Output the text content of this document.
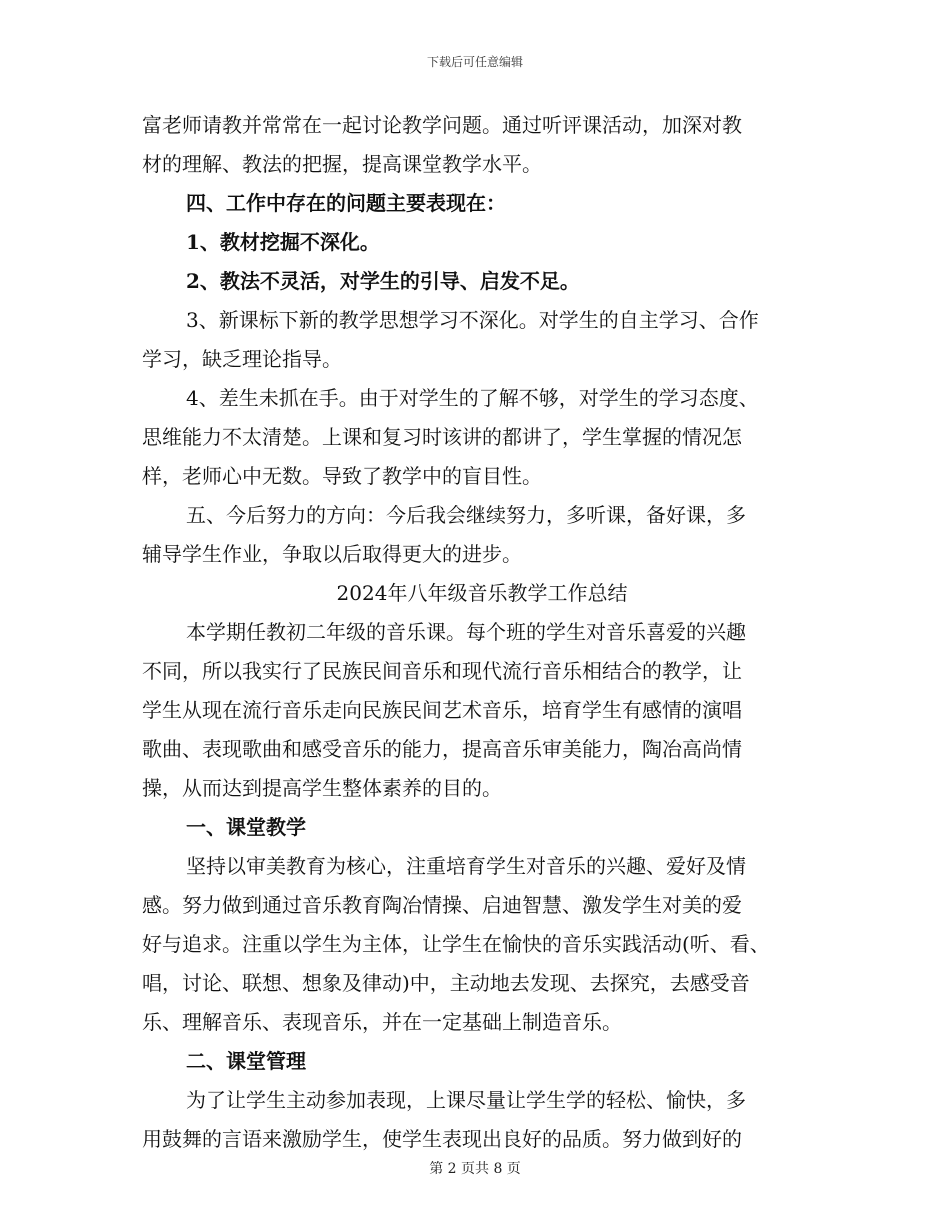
下载后可任意编辑
富老师请教并常常在一起讨论教学问题。通过听评课活动，加深对教
材的理解、教法的把握，提高课堂教学水平。
四、工作中存在的问题主要表现在：
1、教材挖掘不深化。
2、教法不灵活，对学生的引导、启发不足。
3、新课标下新的教学思想学习不深化。对学生的自主学习、合作
学习，缺乏理论指导。
4、差生未抓在手。由于对学生的了解不够，对学生的学习态度、
思维能力不太清楚。上课和复习时该讲的都讲了，学生掌握的情况怎
样，老师心中无数。导致了教学中的盲目性。
五、今后努力的方向：今后我会继续努力，多听课，备好课，多
辅导学生作业，争取以后取得更大的进步。
2024年八年级音乐教学工作总结
本学期任教初二年级的音乐课。每个班的学生对音乐喜爱的兴趣
不同，所以我实行了民族民间音乐和现代流行音乐相结合的教学，让
学生从现在流行音乐走向民族民间艺术音乐，培育学生有感情的演唱
歌曲、表现歌曲和感受音乐的能力，提高音乐审美能力，陶冶高尚情
操，从而达到提高学生整体素养的目的。
一、课堂教学
坚持以审美教育为核心，注重培育学生对音乐的兴趣、爱好及情
感。努力做到通过音乐教育陶冶情操、启迪智慧、激发学生对美的爱
好与追求。注重以学生为主体，让学生在愉快的音乐实践活动(听、看、
唱，讨论、联想、想象及律动)中，主动地去发现、去探究，去感受音
乐、理解音乐、表现音乐，并在一定基础上制造音乐。
二、课堂管理
为了让学生主动参加表现，上课尽量让学生学的轻松、愉快，多
用鼓舞的言语来激励学生，使学生表现出良好的品质。努力做到好的
第 2 页共 8 页
